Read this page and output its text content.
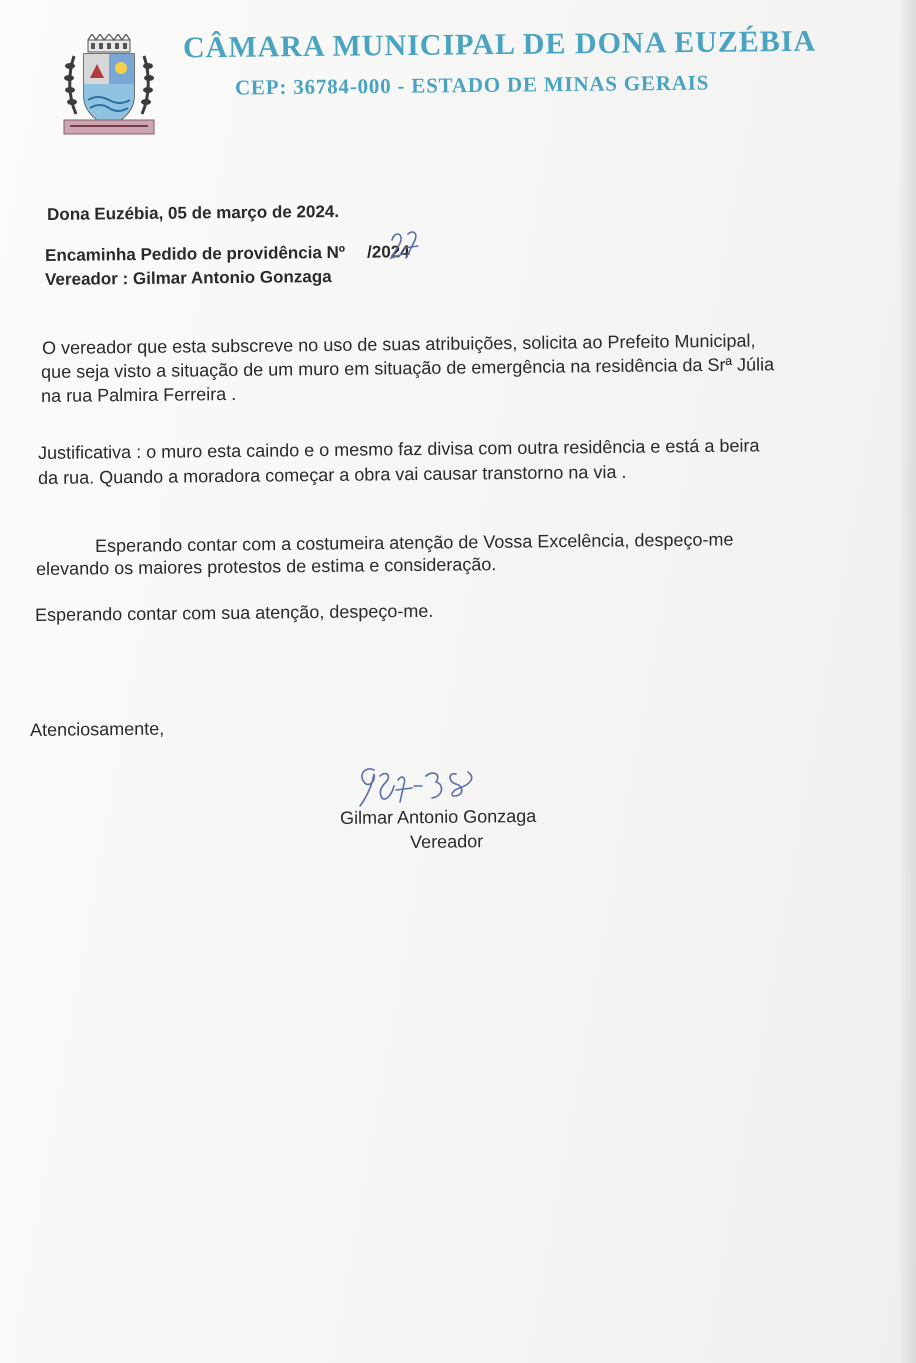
CÂMARA MUNICIPAL DE DONA EUZÉBIA
CEP: 36784-000 - ESTADO DE MINAS GERAIS
Dona Euzébia, 05 de março de 2024.
Encaminha Pedido de providência Nº /2024
Vereador : Gilmar Antonio Gonzaga
O vereador que esta subscreve no uso de suas atribuições, solicita ao Prefeito Municipal,
que seja visto a situação de um muro em situação de emergência na residência da Srª Júlia
na rua Palmira Ferreira .
Justificativa : o muro esta caindo e o mesmo faz divisa com outra residência e está a beira
da rua. Quando a moradora começar a obra vai causar transtorno na via .
Esperando contar com a costumeira atenção de Vossa Excelência, despeço-me
elevando os maiores protestos de estima e consideração.
Esperando contar com sua atenção, despeço-me.
Atenciosamente,
Gilmar Antonio Gonzaga
Vereador
